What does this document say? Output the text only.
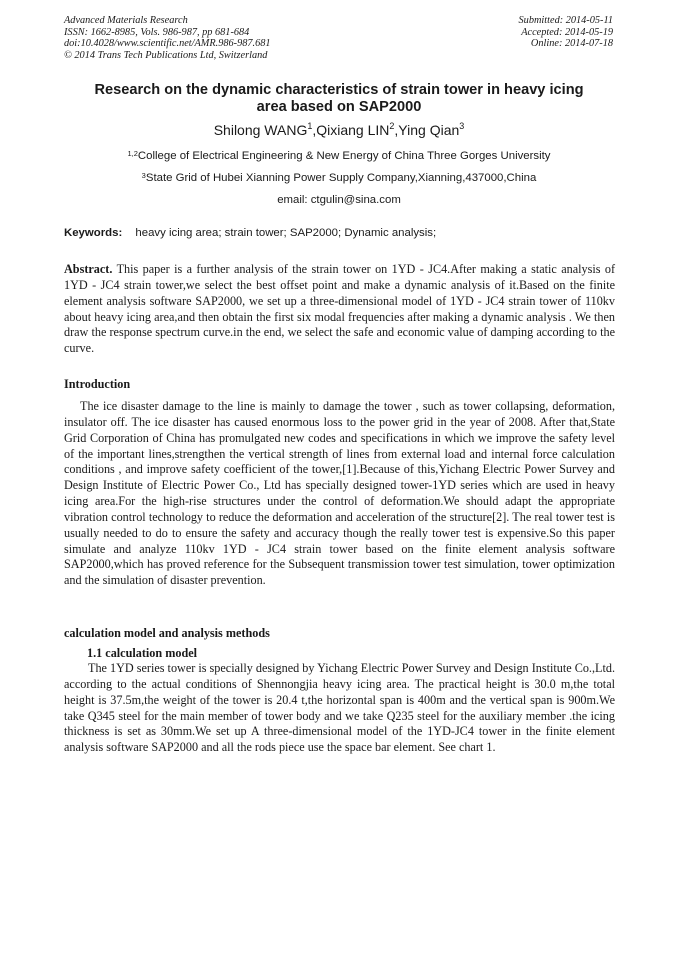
Advanced Materials Research
ISSN: 1662-8985, Vols. 986-987, pp 681-684
doi:10.4028/www.scientific.net/AMR.986-987.681
© 2014 Trans Tech Publications Ltd, Switzerland
Submitted: 2014-05-11
Accepted: 2014-05-19
Online: 2014-07-18
Research on the dynamic characteristics of strain tower in heavy icing
area based on SAP2000
Shilong WANG$^1$,Qixiang LIN$^2$,Ying Qian$^3$
$^{1,2}$College of Electrical Engineering & New Energy of China Three Gorges University
$^3$State Grid of Hubei Xianning Power Supply Company,Xianning,437000,China
email: ctgulin@sina.com
Keywords: heavy icing area; strain tower; SAP2000; Dynamic analysis;
Abstract. This paper is a further analysis of the strain tower on 1YD - JC4.After making a static analysis of 1YD - JC4 strain tower,we select the best offset point and make a dynamic analysis of it.Based on the finite element analysis software SAP2000, we set up a three-dimensional model of 1YD - JC4 strain tower of 110kv about heavy icing area,and then obtain the first six modal frequencies after making a dynamic analysis . We then draw the response spectrum curve.in the end, we select the safe and economic value of damping according to the curve.
Introduction
The ice disaster damage to the line is mainly to damage the tower , such as tower collapsing, deformation, insulator off. The ice disaster has caused enormous loss to the power grid in the year of 2008. After that,State Grid Corporation of China has promulgated new codes and specifications in which we improve the safety level of the important lines,strengthen the vertical strength of lines from external load and internal force calculation conditions , and improve safety coefficient of the tower,[1].Because of this,Yichang Electric Power Survey and Design Institute of Electric Power Co., Ltd has specially designed tower-1YD series which are used in heavy icing area.For the high-rise structures under the control of deformation.We should adapt the appropriate vibration control technology to reduce the deformation and acceleration of the structure[2]. The real tower test is usually needed to do to ensure the safety and accuracy though the really tower test is expensive.So this paper simulate and analyze 110kv 1YD - JC4 strain tower based on the finite element analysis software SAP2000,which has proved reference for the Subsequent transmission tower test simulation, tower optimization and the simulation of disaster prevention.
calculation model and analysis methods
1.1 calculation model
The 1YD series tower is specially designed by Yichang Electric Power Survey and Design Institute Co.,Ltd. according to the actual conditions of Shennongjia heavy icing area. The practical height is 30.0 m,the total height is 37.5m,the weight of the tower is 20.4 t,the horizontal span is 400m and the vertical span is 900m.We take Q345 steel for the main member of tower body and we take Q235 steel for the auxiliary member .the icing thickness is set as 30mm.We set up A three-dimensional model of the 1YD-JC4 tower in the finite element analysis software SAP2000 and all the rods piece use the space bar element. See chart 1.
